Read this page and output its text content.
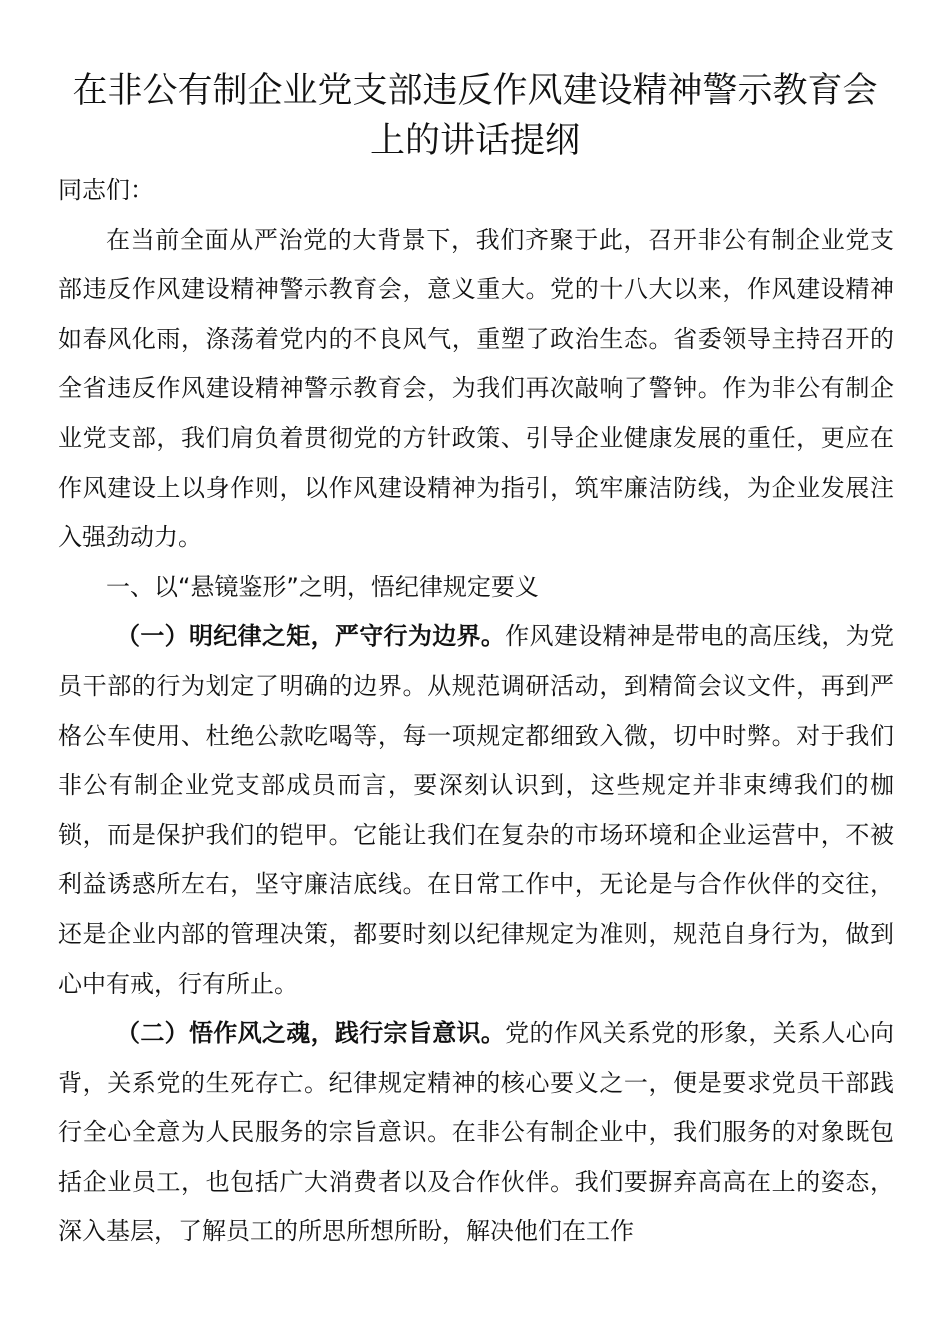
在非公有制企业党支部违反作风建设精神警示教育会
上的讲话提纲

同志们：

在当前全面从严治党的大背景下，我们齐聚于此，召开非公有制企业党支部违反作风建设精神警示教育会，意义重大。党的十八大以来，作风建设精神如春风化雨，涤荡着党内的不良风气，重塑了政治生态。省委领导主持召开的全省违反作风建设精神警示教育会，为我们再次敲响了警钟。作为非公有制企业党支部，我们肩负着贯彻党的方针政策、引导企业健康发展的重任，更应在作风建设上以身作则，以作风建设精神为指引，筑牢廉洁防线，为企业发展注入强劲动力。

一、以“悬镜鉴形”之明，悟纪律规定要义

（一）明纪律之矩，严守行为边界。作风建设精神是带电的高压线，为党员干部的行为划定了明确的边界。从规范调研活动，到精简会议文件，再到严格公车使用、杜绝公款吃喝等，每一项规定都细致入微，切中时弊。对于我们非公有制企业党支部成员而言，要深刻认识到，这些规定并非束缚我们的枷锁，而是保护我们的铠甲。它能让我们在复杂的市场环境和企业运营中，不被利益诱惑所左右，坚守廉洁底线。在日常工作中，无论是与合作伙伴的交往，还是企业内部的管理决策，都要时刻以纪律规定为准则，规范自身行为，做到心中有戒，行有所止。

（二）悟作风之魂，践行宗旨意识。党的作风关系党的形象，关系人心向背，关系党的生死存亡。纪律规定精神的核心要义之一，便是要求党员干部践行全心全意为人民服务的宗旨意识。在非公有制企业中，我们服务的对象既包括企业员工，也包括广大消费者以及合作伙伴。我们要摒弃高高在上的姿态，深入基层，了解员工的所思所想所盼，解决他们在工作
